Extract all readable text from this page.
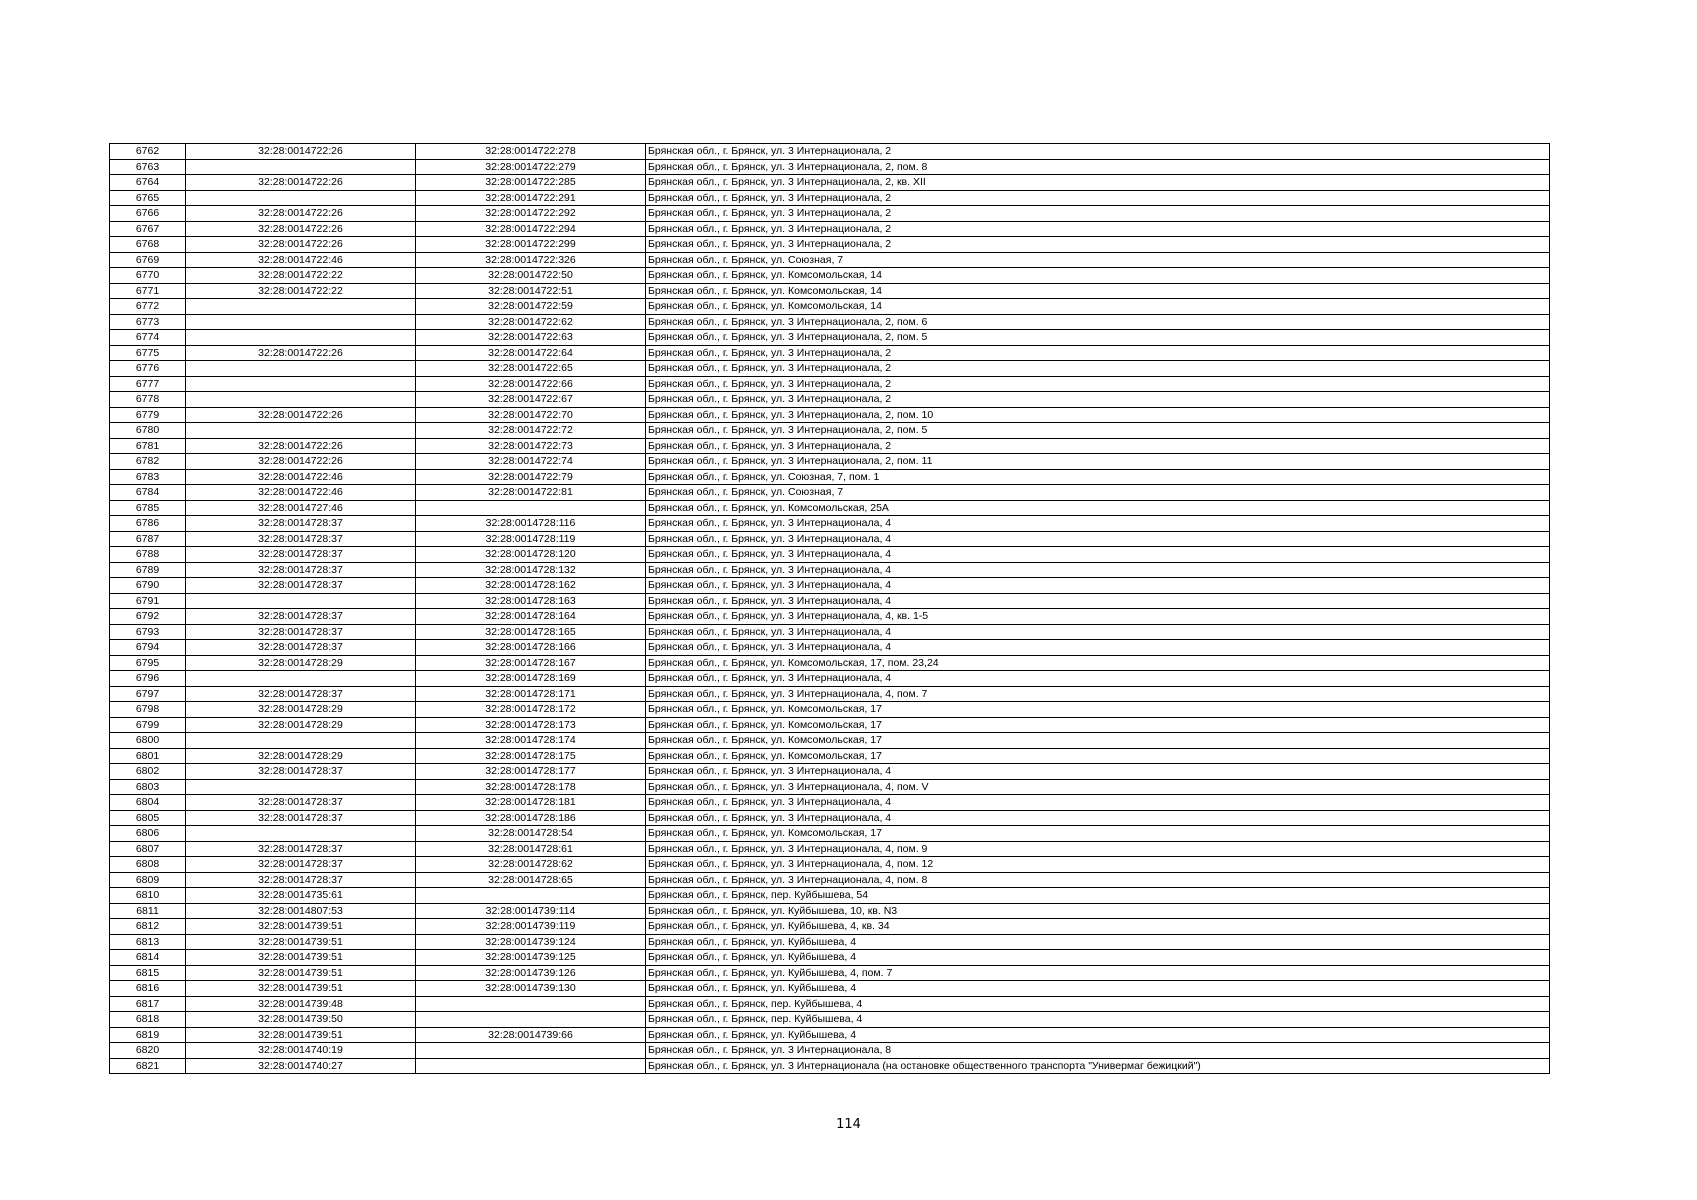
6762	32:28:0014722:26	32:28:0014722:278	Брянская обл., г. Брянск, ул. 3 Интернационала, 2
6763		32:28:0014722:279	Брянская обл., г. Брянск, ул. 3 Интернационала, 2, пом. 8
6764	32:28:0014722:26	32:28:0014722:285	Брянская обл., г. Брянск, ул. 3 Интернационала, 2, кв. XII
6765		32:28:0014722:291	Брянская обл., г. Брянск, ул. 3 Интернационала, 2
6766	32:28:0014722:26	32:28:0014722:292	Брянская обл., г. Брянск, ул. 3 Интернационала, 2
6767	32:28:0014722:26	32:28:0014722:294	Брянская обл., г. Брянск, ул. 3 Интернационала, 2
6768	32:28:0014722:26	32:28:0014722:299	Брянская обл., г. Брянск, ул. 3 Интернационала, 2
6769	32:28:0014722:46	32:28:0014722:326	Брянская обл., г. Брянск, ул. Союзная, 7
6770	32:28:0014722:22	32:28:0014722:50	Брянская обл., г. Брянск, ул. Комсомольская, 14
6771	32:28:0014722:22	32:28:0014722:51	Брянская обл., г. Брянск, ул. Комсомольская, 14
6772		32:28:0014722:59	Брянская обл., г. Брянск, ул. Комсомольская, 14
6773		32:28:0014722:62	Брянская обл., г. Брянск, ул. 3 Интернационала, 2, пом. 6
6774		32:28:0014722:63	Брянская обл., г. Брянск, ул. 3 Интернационала, 2, пом. 5
6775	32:28:0014722:26	32:28:0014722:64	Брянская обл., г. Брянск, ул. 3 Интернационала, 2
6776		32:28:0014722:65	Брянская обл., г. Брянск, ул. 3 Интернационала, 2
6777		32:28:0014722:66	Брянская обл., г. Брянск, ул. 3 Интернационала, 2
6778		32:28:0014722:67	Брянская обл., г. Брянск, ул. 3 Интернационала, 2
6779	32:28:0014722:26	32:28:0014722:70	Брянская обл., г. Брянск, ул. 3 Интернационала, 2, пом. 10
6780		32:28:0014722:72	Брянская обл., г. Брянск, ул. 3 Интернационала, 2, пом. 5
6781	32:28:0014722:26	32:28:0014722:73	Брянская обл., г. Брянск, ул. 3 Интернационала, 2
6782	32:28:0014722:26	32:28:0014722:74	Брянская обл., г. Брянск, ул. 3 Интернационала, 2, пом. 11
6783	32:28:0014722:46	32:28:0014722:79	Брянская обл., г. Брянск, ул. Союзная, 7, пом. 1
6784	32:28:0014722:46	32:28:0014722:81	Брянская обл., г. Брянск, ул. Союзная, 7
6785	32:28:0014727:46		Брянская обл., г. Брянск, ул. Комсомольская, 25А
6786	32:28:0014728:37	32:28:0014728:116	Брянская обл., г. Брянск, ул. 3 Интернационала, 4
6787	32:28:0014728:37	32:28:0014728:119	Брянская обл., г. Брянск, ул. 3 Интернационала, 4
6788	32:28:0014728:37	32:28:0014728:120	Брянская обл., г. Брянск, ул. 3 Интернационала, 4
6789	32:28:0014728:37	32:28:0014728:132	Брянская обл., г. Брянск, ул. 3 Интернационала, 4
6790	32:28:0014728:37	32:28:0014728:162	Брянская обл., г. Брянск, ул. 3 Интернационала, 4
6791		32:28:0014728:163	Брянская обл., г. Брянск, ул. 3 Интернационала, 4
6792	32:28:0014728:37	32:28:0014728:164	Брянская обл., г. Брянск, ул. 3 Интернационала, 4, кв. 1-5
6793	32:28:0014728:37	32:28:0014728:165	Брянская обл., г. Брянск, ул. 3 Интернационала, 4
6794	32:28:0014728:37	32:28:0014728:166	Брянская обл., г. Брянск, ул. 3 Интернационала, 4
6795	32:28:0014728:29	32:28:0014728:167	Брянская обл., г. Брянск, ул. Комсомольская, 17, пом. 23,24
6796		32:28:0014728:169	Брянская обл., г. Брянск, ул. 3 Интернационала, 4
6797	32:28:0014728:37	32:28:0014728:171	Брянская обл., г. Брянск, ул. 3 Интернационала, 4, пом. 7
6798	32:28:0014728:29	32:28:0014728:172	Брянская обл., г. Брянск, ул. Комсомольская, 17
6799	32:28:0014728:29	32:28:0014728:173	Брянская обл., г. Брянск, ул. Комсомольская, 17
6800		32:28:0014728:174	Брянская обл., г. Брянск, ул. Комсомольская, 17
6801	32:28:0014728:29	32:28:0014728:175	Брянская обл., г. Брянск, ул. Комсомольская, 17
6802	32:28:0014728:37	32:28:0014728:177	Брянская обл., г. Брянск, ул. 3 Интернационала, 4
6803		32:28:0014728:178	Брянская обл., г. Брянск, ул. 3 Интернационала, 4, пом. V
6804	32:28:0014728:37	32:28:0014728:181	Брянская обл., г. Брянск, ул. 3 Интернационала, 4
6805	32:28:0014728:37	32:28:0014728:186	Брянская обл., г. Брянск, ул. 3 Интернационала, 4
6806		32:28:0014728:54	Брянская обл., г. Брянск, ул. Комсомольская, 17
6807	32:28:0014728:37	32:28:0014728:61	Брянская обл., г. Брянск, ул. 3 Интернационала, 4, пом. 9
6808	32:28:0014728:37	32:28:0014728:62	Брянская обл., г. Брянск, ул. 3 Интернационала, 4, пом. 12
6809	32:28:0014728:37	32:28:0014728:65	Брянская обл., г. Брянск, ул. 3 Интернационала, 4, пом. 8
6810	32:28:0014735:61		Брянская обл., г. Брянск, пер. Куйбышева, 54
6811	32:28:0014807:53	32:28:0014739:114	Брянская обл., г. Брянск, ул. Куйбышева, 10, кв. N3
6812	32:28:0014739:51	32:28:0014739:119	Брянская обл., г. Брянск, ул. Куйбышева, 4, кв. 34
6813	32:28:0014739:51	32:28:0014739:124	Брянская обл., г. Брянск, ул. Куйбышева, 4
6814	32:28:0014739:51	32:28:0014739:125	Брянская обл., г. Брянск, ул. Куйбышева, 4
6815	32:28:0014739:51	32:28:0014739:126	Брянская обл., г. Брянск, ул. Куйбышева, 4, пом. 7
6816	32:28:0014739:51	32:28:0014739:130	Брянская обл., г. Брянск, ул. Куйбышева, 4
6817	32:28:0014739:48		Брянская обл., г. Брянск, пер. Куйбышева, 4
6818	32:28:0014739:50		Брянская обл., г. Брянск, пер. Куйбышева, 4
6819	32:28:0014739:51	32:28:0014739:66	Брянская обл., г. Брянск, ул. Куйбышева, 4
6820	32:28:0014740:19		Брянская обл., г. Брянск, ул. 3 Интернационала, 8
6821	32:28:0014740:27		Брянская обл., г. Брянск, ул. 3 Интернационала (на остановке общественного транспорта "Универмаг бежицкий")
114
